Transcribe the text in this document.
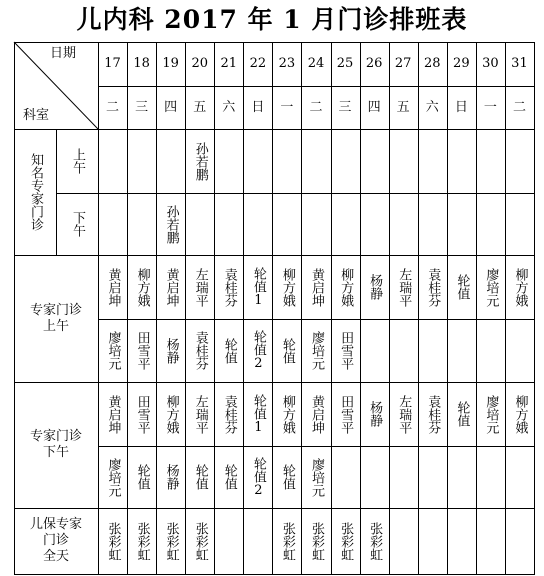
儿内科 2017 年 1 月门诊排班表
日期
科室
17
二
18
三
19
四
20
五
21
六
22
日
23
一
24
二
25
三
26
四
27
五
28
六
29
日
30
一
31
二
知名专家门诊 上午
下午
孙若鹏
孙若鹏
专家门诊
上午
黄启坤 柳方娥 黄启坤 左瑞平 袁桂芬 轮值1 柳方娥 黄启坤 柳方娥 杨静 左瑞平 袁桂芬 轮值 廖培元 柳方娥
廖培元 田雪平 杨静 袁桂芬 轮值 轮值2 轮值 廖培元 田雪平
专家门诊
下午
黄启坤 田雪平 柳方娥 左瑞平 袁桂芬 轮值1 柳方娥 黄启坤 田雪平 杨静 左瑞平 袁桂芬 轮值 廖培元 柳方娥
廖培元 轮值 杨静 轮值 轮值 轮值2 轮值 廖培元
儿保专家
门诊
全天	张彩虹 张彩虹 张彩虹 张彩虹	张彩虹 张彩虹 张彩虹 张彩虹
